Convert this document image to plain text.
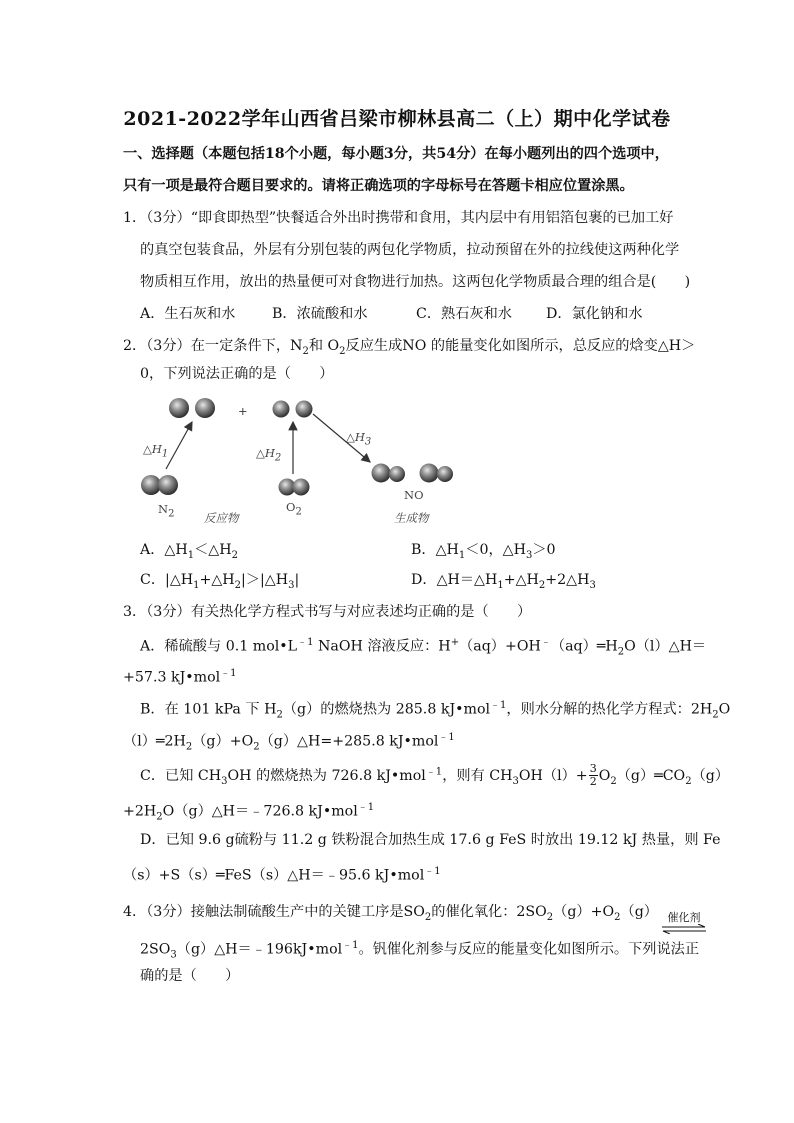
2021-2022学年山西省吕梁市柳林县高二（上）期中化学试卷
一、选择题（本题包括18个小题，每小题3分，共54分）在每小题列出的四个选项中，
只有一项是最符合题目要求的。请将正确选项的字母标号在答题卡相应位置涂黑。
1．（3分）“即食即热型”快餐适合外出时携带和食用，其内层中有用铝箔包裹的已加工好
的真空包装食品，外层有分别包装的两包化学物质，拉动预留在外的拉线使这两种化学
物质相互作用，放出的热量便可对食物进行加热。这两包化学物质最合理的组合是(　　)
A．生石灰和水	B．浓硫酸和水	C．熟石灰和水 D．氯化钠和水
2．（3分）在一定条件下，$N_2$和 $O_2$反应生成NO 的能量变化如图所示，总反应的焓变△H＞
0，下列说法正确的是（　　）
+
$\triangle H_1$	$\triangle H_2$
$\triangle H_3$
$N_2$	$O_2$
NO
反应物	生成物
A．$\triangle H_1<\triangle H_2$	B．$\triangle H_1<0$，$\triangle H_3>0$
C．$|\triangle H_1+\triangle H_2|>|\triangle H_3|$	D．$\triangle H=\triangle H_1+\triangle H_2+2\triangle H_3$
3．（3分）有关热化学方程式书写与对应表述均正确的是（　　）
A．稀硫酸与 0.1 $mol•L^{﹣1}$ NaOH 溶液反应：$H^+(aq)+OH^﹣(aq)═H_2O(l)\triangle H=$
+57.3 kJ•mol$^{﹣1}$
B．在 101 kPa 下 $H_2(g)$的燃烧热为 285.8 kJ•mol$^{﹣1}$，则水分解的热化学方程式：$2H_2O$
$(l)═2H_2(g)+O_2(g)\triangle H=+285.8$ kJ•mol$^{﹣1}$
C．已知 $CH_3OH$ 的燃烧热为 726.8 kJ•mol$^{﹣1}$，则有 $CH_3OH(l)+ \frac{3}{2}$ $O_2(g)═CO_2(g)$
$+2H_2O(g)\triangle H=﹣726.8$ kJ•mol$^{﹣1}$
D．已知 9.6 g硫粉与 11.2 g 铁粉混合加热生成 17.6 g FeS 时放出 19.12 kJ 热量，则 Fe
（s）+S（s）═FeS（s）△H＝﹣95.6 kJ•mol$^{﹣1}$
4．（3分）接触法制硫酸生产中的关键工序是$SO_2$的催化氧化：$2SO_2(g)+O_2(g)$ 催化剂
$2SO_3(g)\triangle H=﹣196kJ•mol^{﹣1}$。钒催化剂参与反应的能量变化如图所示。下列说法正
确的是（　　）
